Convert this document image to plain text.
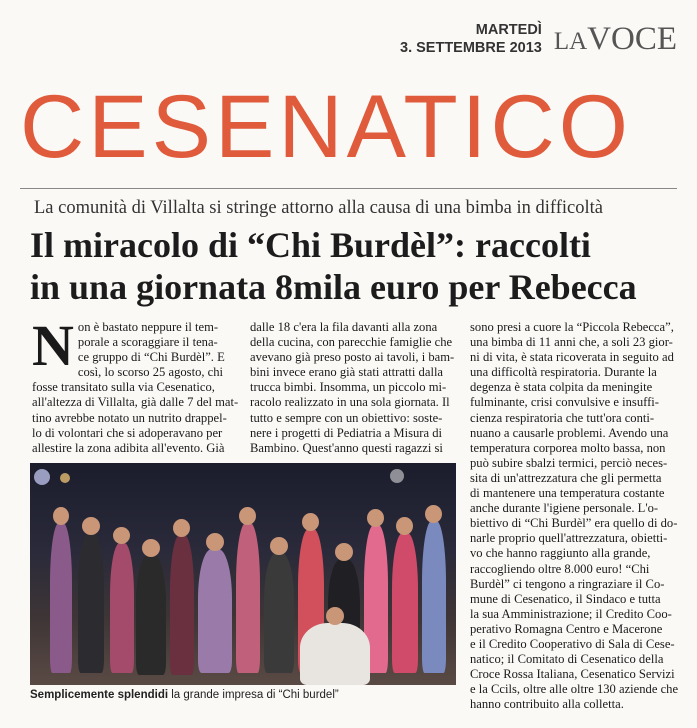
MARTEDÌ
3. SETTEMBRE 2013 LAVOCE
CESENATICO
La comunità di Villalta si stringe attorno alla causa di una bimba in difficoltà
Il miracolo di “Chi Burdèl”: raccolti
in una giornata 8mila euro per Rebecca
N on è bastato neppure il tem-
porale a scoraggiare il tena-
ce gruppo di “Chi Burdèl”. E
così, lo scorso 25 agosto, chi
fosse transitato sulla via Cesenatico,
all'altezza di Villalta, già dalle 7 del mat-
tino avrebbe notato un nutrito drappel-
lo di volontari che si adoperavano per
allestire la zona adibita all'evento. Già
dalle 18 c'era la fila davanti alla zona
della cucina, con parecchie famiglie che
avevano già preso posto ai tavoli, i bam-
bini invece erano già stati attratti dalla
trucca bimbi. Insomma, un piccolo mi-
racolo realizzato in una sola giornata. Il
tutto e sempre con un obiettivo: soste-
nere i progetti di Pediatria a Misura di
Bambino. Quest'anno questi ragazzi si
sono presi a cuore la “Piccola Rebecca”,
una bimba di 11 anni che, a soli 23 gior-
ni di vita, è stata ricoverata in seguito ad
una difficoltà respiratoria. Durante la
degenza è stata colpita da meningite
fulminante, crisi convulsive e insuffi-
cienza respiratoria che tutt'ora conti-
nuano a causarle problemi. Avendo una
temperatura corporea molto bassa, non
può subire sbalzi termici, perciò neces-
sita di un'attrezzatura che gli permetta
di mantenere una temperatura costante
anche durante l'igiene personale. L'o-
biettivo di “Chi Burdèl” era quello di do-
narle proprio quell'attrezzatura, obietti-
vo che hanno raggiunto alla grande,
raccogliendo oltre 8.000 euro! “Chi
Burdèl” ci tengono a ringraziare il Co-
mune di Cesenatico, il Sindaco e tutta
la sua Amministrazione; il Credito Coo-
perativo Romagna Centro e Macerone
e il Credito Cooperativo di Sala di Cese-
natico; il Comitato di Cesenatico della
Croce Rossa Italiana, Cesenatico Servizi
e la Ccils, oltre alle oltre 130 aziende che
hanno contribuito alla colletta.
Semplicemente splendidi la grande impresa di “Chi burdel”
